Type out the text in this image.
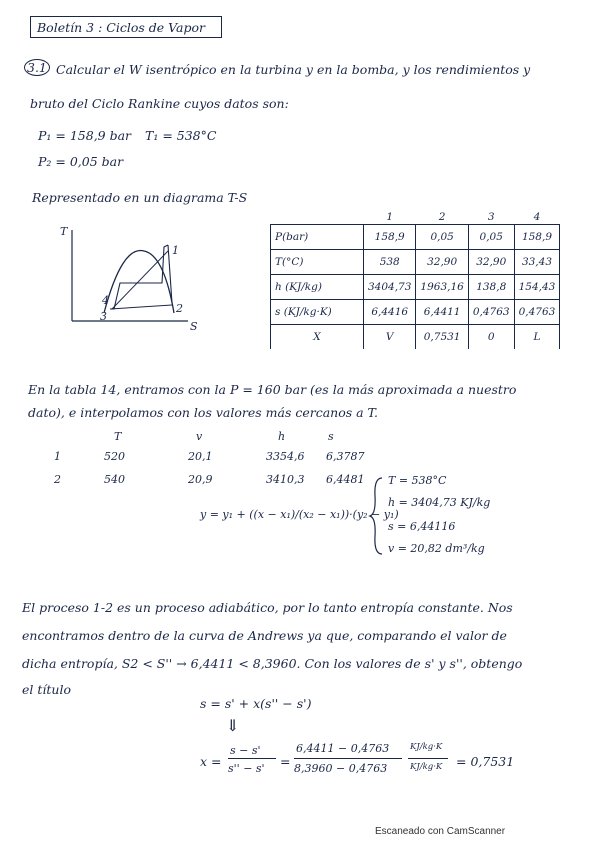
Boletín 3 : Ciclos de Vapor
3.1 Calcular el W isentrópico en la turbina y en la bomba, y los rendimientos y
bruto del Ciclo Rankine cuyos datos son:
P₁ = 158,9 bar T₁ = 538°C
P₂ = 0,05 bar
Representado en un diagrama T-S
T
S
1
2
3
4
	1	2	3	4
P(bar)	158,9	0,05	0,05	158,9
T(°C)	538	32,90	32,90	33,43
h (KJ/kg)	3404,73	1963,16	138,8	154,43
s (KJ/kg·K)	6,4416	6,4411	0,4763	0,4763
X	V	0,7531	0	L
En la tabla 14, entramos con la P = 160 bar (es la más aproximada a nuestro
dato), e interpolamos con los valores más cercanos a T.
T	v	h	s
1	520	20,1	3354,6 6,3787
2	540	20,9	3410,3 6,4481
y = y₁ + ((x − x₁)/(x₂ − x₁))·(y₂ − y₁)
T = 538°C
h = 3404,73 KJ/kg
s = 6,44116
v = 20,82 dm³/kg
El proceso 1-2 es un proceso adiabático, por lo tanto entropía constante. Nos
encontramos dentro de la curva de Andrews ya que, comparando el valor de
dicha entropía, S2 < S'' → 6,4411 < 8,3960. Con los valores de s' y s'', obtengo
el título
s = s' + x(s'' − s')
⇓
x =
s − s'
s'' − s' =
6,4411 − 0,4763
8,3960 − 0,4763
KJ/kg·K
KJ/kg·K = 0,7531
Escaneado con CamScanner
